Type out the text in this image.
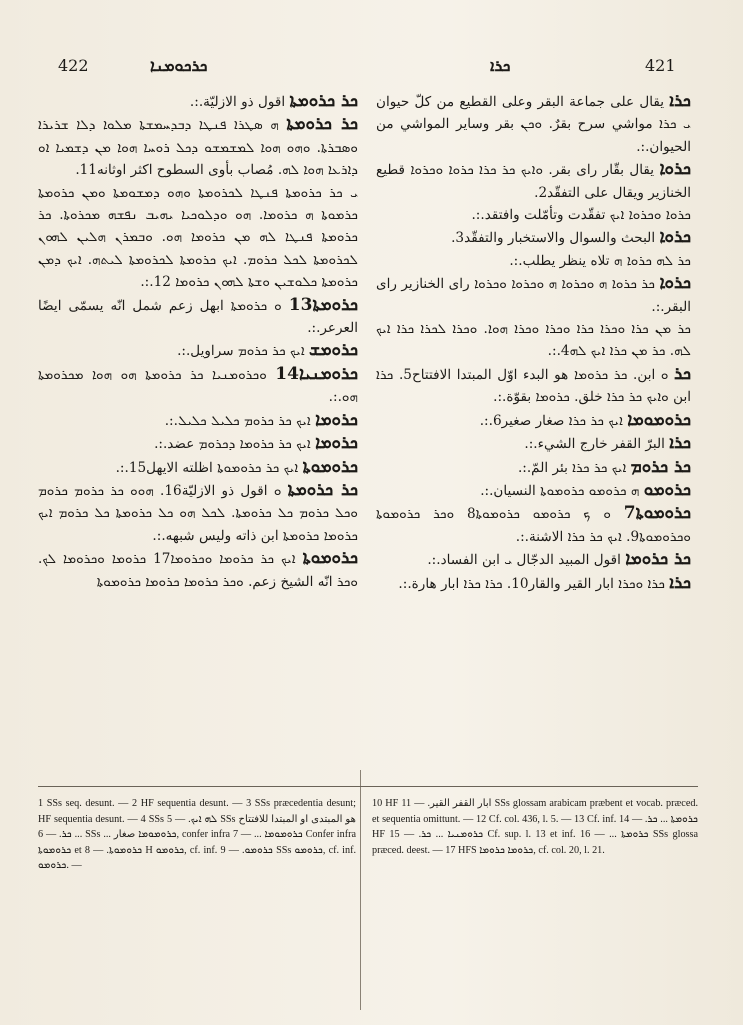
422	ܟܪܟܘܡܢܐ	ܟܪܐ	421

ܟܪ ܟܪܘܡܬܐ اقول ذو الازليّة.:.

ܟܪ ܟܪܘܡܬܐ ܗ ܣܛܪܐ ܦܢܛܐ ܕܒܕܚܡܫܬܐ ܡܠܘܐ ܕܠܐ ܫܪܝܪܐ ܘܣܒܪܬܐ. ܘܗܘ ܗܘܐ ܠܡܫܡܫܘ ܕܟܠ ܪܘܚܐ ܗܘܐ ܡܢ ܕܫܡܝܐ ܐܘ ܕܐܪܥܐ ܗܘܐ ܠܗ. مُصاب بأوى السطوح اكثر اوثانه11.

ܝ ܟܪ ܟܪܘܡܬܐ ܦܢܛܐ ܠܟܪܘܡܬܐ ܘܗܘ ܕܡܫܘܡܬܐ ܘܡܢ ܟܪܘܡܬܐ ܟܪܡܘܬܐ ܗ ܟܪܘܡܐ. ܗܘ ܘܕܠܘܟܝܐ ܝܗܝܒ ܢܦܫܗ ܡܟܪܘܬܐ. ܟܪ ܟܪܘܡܬܐ ܦܢܛܐ ܠܗ ܡܢ ܟܪܘܡܐ ܗܘ. ܘܒܡܪܢ ܗܠܝܢ ܠܗܘܢ ܠܟܪܘܡܬܐ ܠܟܠ ܟܪܘܡ. ܐܝܟ ܟܪܘܡܬܐ ܠܟܪܘܡܬܐ ܠܝܬܗ. ܐܝܟ ܕܡܢ ܟܪܘܡܬܐ ܟܠܘܫܝܢ ܘܫܬܐ ܠܗܘܢ ܟܪܘܡܐ 12.:.

ܟܪܘܡܬܐ13 ܘ ܟܪܘܡܬܐ ابهل زعم شمل انّه يسمّى ايضًا العرعر.:.

ܟܪܘܡܫ ܐܝܟ ܟܪ ܟܪܘܡ سراويل.:.

ܟܪܘܡܢܝܐ14 ܘܟܪܘܡܢܝܐ ܟܪ ܟܪܘܡܬܐ ܗܘ ܗܘܐ ܡܟܪܘܡܬܐ ܗܘ.:.

ܟܪܘܡܐ ܐܝܟ ܟܪ ܟܪܘܡ ܟܠܝܠ ܟܠܝܠ.:.

ܟܪܘܡܐ ܐܝܟ ܟܪ ܟܪܘܡܐ ܕܟܪܘܡ عضد.:.

ܟܪܘܡܘܬܐ ܐܝܟ ܟܪ ܟܪܘܡܘܬܐ اظلته الايهل15.:.

ܟܪ ܟܪܘܡܬܐ ܘ اقول ذو الازليّة16. ܗܘܘ ܟܪ ܟܪܘܡ ܟܪܘܡ ܘܟܠ ܟܪܘܡ ܟܠ ܟܪܘܡܬܐ. ܠܟܠ ܗܘ ܟܠ ܟܪܘܡܬܐ ܟܠ ܟܪܘܡ ܐܝܟ ܟܪܘܡܐ ܟܪܘܡܬܐ ابن ذاته وليس شبهه.:.

ܟܪܘܡܘܬܐ ܐܝܟ ܟܪ ܟܪܘܡܐ ܘܟܪܘܡܐ17 ܟܪܘܡܐ ܘܟܪܘܡܐ ܠܟ. ܘܟܪ انّه الشيخ زعم. ܘܟܪ ܟܪܘܡܐ ܟܪܘܡܐ ܟܪܘܡܘܬܐ

ܟܪܐ يقال على جماعة البقر وعلى القطيع من كلّ حيوان ܝ ܟܪܐ مواشي سرح بقرٌ. ܘܟܢ بقر وساير المواشي من الحيوان.:.

ܟܪܘܐ يقال بقّار راى بقر. ܘܐܝܟ ܟܪ ܟܪܐ ܟܪܘܐ ܘܟܪܘܐ قطيع الخنازير ويقال على التفقّد2.

ܟܪܘܐ ܘܟܪܘܐ ܐܝܟ تفقّدت وتأمّلت وافتقد.:.

ܟܪܘܐ البحث والسوال والاستخبار والتفقّد3.

ܟܪ ܠܗ ܟܪܘܐ ܗ تلاه ينظر يطلب.:.

ܟܪܘܐ ܟܪ ܟܪܘܐ ܗ ܘܟܪܘܐ ܗ ܘܟܪܘܐ ܘܟܪܘܐ راى الخنازير راى البقر.:.

ܟܪ ܡܢ ܟܪܐ ܘܟܪܐ ܟܪܐ ܘܟܪܐ ܘܟܪܐ ܗܘܐ. ܘܟܪܐ ܠܟܪܐ ܟܪܐ ܐܝܟ ܠܗ. ܟܪ ܡܢ ܟܪܐ ܐܝܟ ܠܗ4.:.

ܟܪ ܘ ابن. ܟܪ ܟܪܘܡܐ هو البدء اوّل المبتدا الافتتاح5. ܟܪܐ ابن ܘܐܝܟ ܟܪ ܟܪܐ خلق. ܟܪܘܡܐ بقوّة.:.

ܟܪܘܡܘܡܐ ܐܝܟ ܟܪ ܟܪܐ صغار صغير6.:.

ܟܪܐ البرّ القفر خارج الشيء.:.

ܟܪ ܟܪܘܡ ܐܝܟ ܟܪ ܟܪܐ بئر المّ.:.

ܟܪܘܡܘ ܗ ܟܪܘܡܘ ܟܪܘܡܘܬܐ النسيان.:.

ܟܪܘܡܘܬܐ7 ܘ ܟ ܟܪܘܡܘ ܟܪܘܡܘܬܐ8 ܘܟܪ ܟܪܘܡܘܬܐ ܘܟܪܘܡܘܬܐ9. ܐܝܟ ܟܪ ܟܪܐ الاشنة.:.

ܟܪ ܟܪܘܡܐ اقول المبيد الدجّال ܝ ابن الفساد.:.

ܟܪܐ ܟܪܐ ܘܟܪܐ ابار القير والقار10. ܟܪܐ ܟܪܐ ابار هارة.:.

1 SSs seq. desunt. — 2 HF sequentia desunt. — 3 SSs præcedentia desunt; HF sequentia desunt. — 4 SSs ܠܗ ܐܝܟ. — 5 SSs هو المبتدى او المبتدا للافتتاح ... ܟܪ. — 6 SSs ... ܟܪܘܡܘܡܐ صغار, confer infra ܟܪܘܡܘܡܐ ... — 7 Confer infra ܟܪܘܡܘܬܐ et ܟܪܘܡܘܬܐ. — 8 H ܟܪܘܡܘ, cf. inf. ܟܪܘܡܘ. — 9 SSs ܟܪܘܡܘ, cf. inf. ܟܪܘܡܘ. —
10 HF ابار القفر القير. — 11 SSs glossam arabicam præbent et vocab. præced. et sequentia omittunt. — 12 Cf. col. 436, l. 5. — 13 Cf. inf. ܟܪܘܡܬܐ ... ܟܪ. — 14 HF ܟܪܘܡܢܝܐ ... ܟܪ. — 15 Cf. sup. l. 13 et inf. ܟܪܘܡܬܐ ... — 16 SSs glossa præced. deest. — 17 HFS ܟܪܘܡܐ ܟܪܘܡܐ, cf. col. 20, l. 21.
